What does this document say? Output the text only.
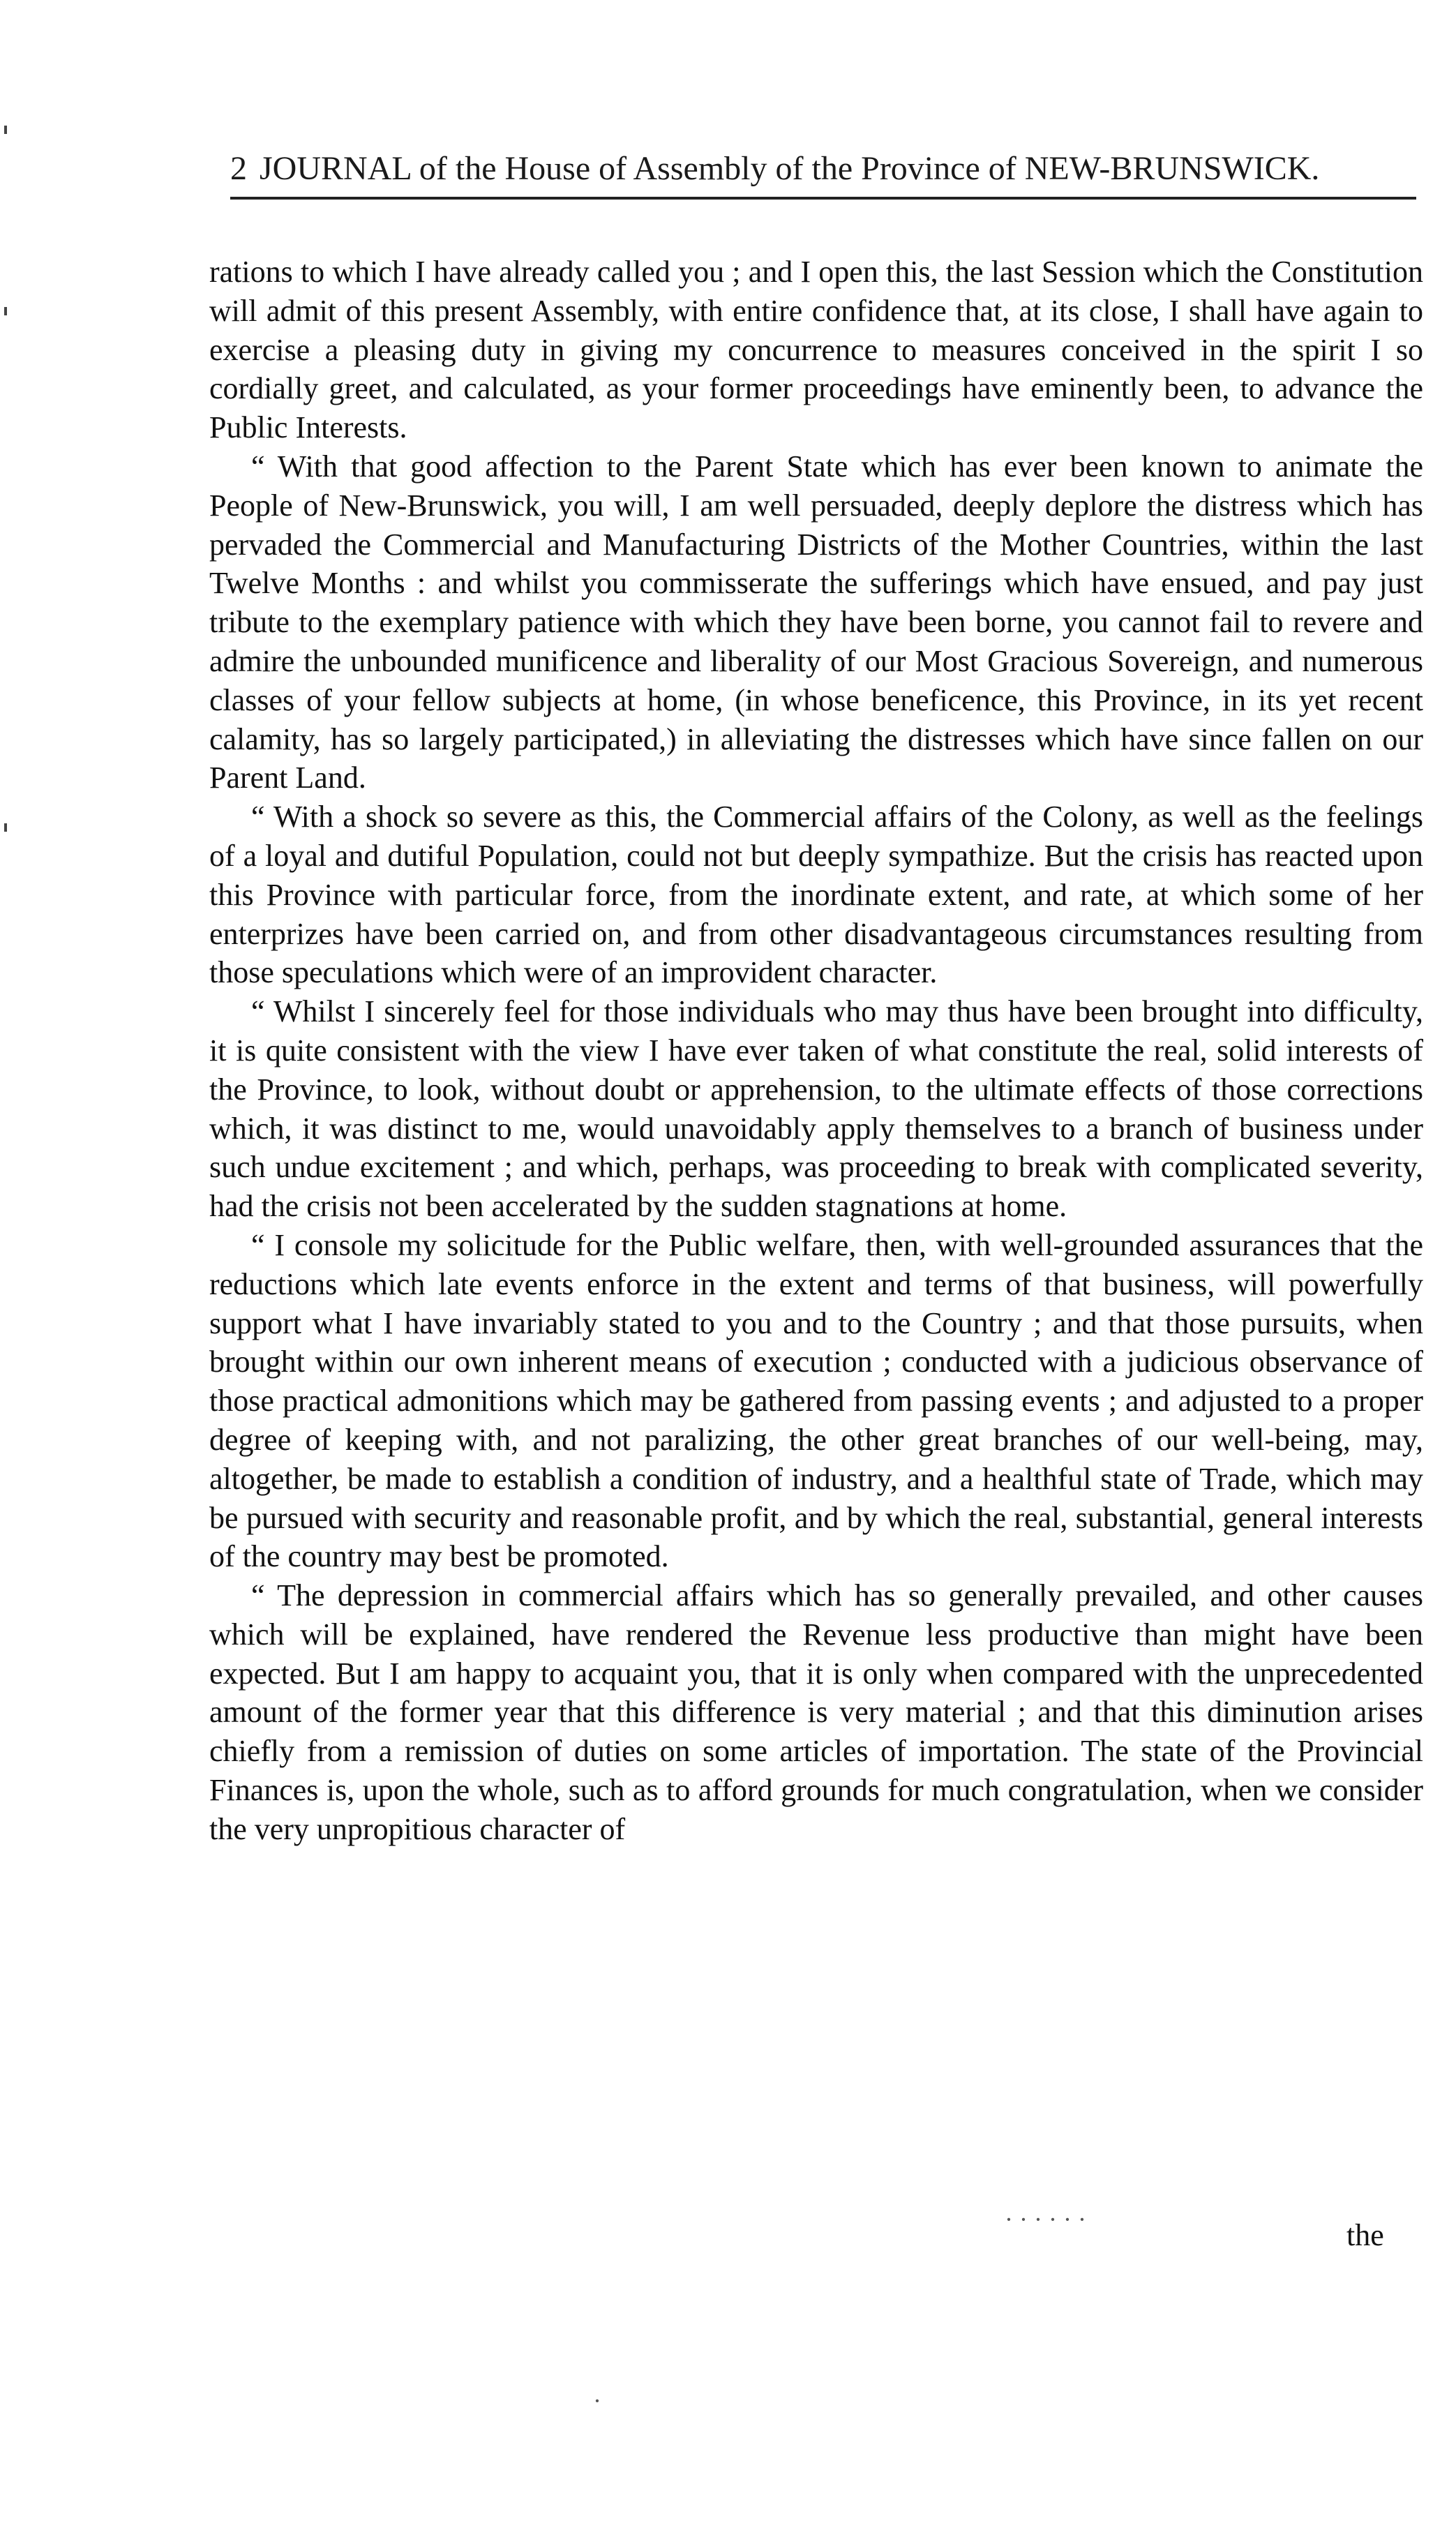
2 JOURNAL of the House of Assembly of the Province of NEW-BRUNSWICK.

rations to which I have already called you ; and I open this, the last Session which the Constitution will admit of this present Assembly, with entire confidence that, at its close, I shall have again to exercise a pleasing duty in giving my concurrence to measures conceived in the spirit I so cordially greet, and calculated, as your former proceedings have eminently been, to advance the Public Interests.

“ With that good affection to the Parent State which has ever been known to animate the People of New-Brunswick, you will, I am well persuaded, deeply deplore the distress which has pervaded the Commercial and Manufacturing Districts of the Mother Countries, within the last Twelve Months : and whilst you commisserate the sufferings which have ensued, and pay just tribute to the exemplary patience with which they have been borne, you cannot fail to revere and admire the unbounded munificence and liberality of our Most Gracious Sovereign, and numerous classes of your fellow subjects at home, (in whose beneficence, this Province, in its yet recent calamity, has so largely participated,) in alleviating the distresses which have since fallen on our Parent Land.

“ With a shock so severe as this, the Commercial affairs of the Colony, as well as the feelings of a loyal and dutiful Population, could not but deeply sympathize. But the crisis has reacted upon this Province with particular force, from the inordinate extent, and rate, at which some of her enterprizes have been carried on, and from other disadvantageous circumstances resulting from those speculations which were of an improvident character.

“ Whilst I sincerely feel for those individuals who may thus have been brought into difficulty, it is quite consistent with the view I have ever taken of what constitute the real, solid interests of the Province, to look, without doubt or apprehension, to the ultimate effects of those corrections which, it was distinct to me, would unavoidably apply themselves to a branch of business under such undue excitement ; and which, perhaps, was proceeding to break with complicated severity, had the crisis not been accelerated by the sudden stagnations at home.

“ I console my solicitude for the Public welfare, then, with well-grounded assurances that the reductions which late events enforce in the extent and terms of that business, will powerfully support what I have invariably stated to you and to the Country ; and that those pursuits, when brought within our own inherent means of execution ; conducted with a judicious observance of those practical admonitions which may be gathered from passing events ; and adjusted to a proper degree of keeping with, and not paralizing, the other great branches of our well-being, may, altogether, be made to establish a condition of industry, and a healthful state of Trade, which may be pursued with security and reasonable profit, and by which the real, substantial, general interests of the country may best be promoted.

“ The depression in commercial affairs which has so generally prevailed, and other causes which will be explained, have rendered the Revenue less productive than might have been expected. But I am happy to acquaint you, that it is only when compared with the unprecedented amount of the former year that this difference is very material ; and that this diminution arises chiefly from a remission of duties on some articles of importation. The state of the Provincial Finances is, upon the whole, such as to afford grounds for much congratulation, when we consider the very unpropitious character of

the
· · · · · ·
·
